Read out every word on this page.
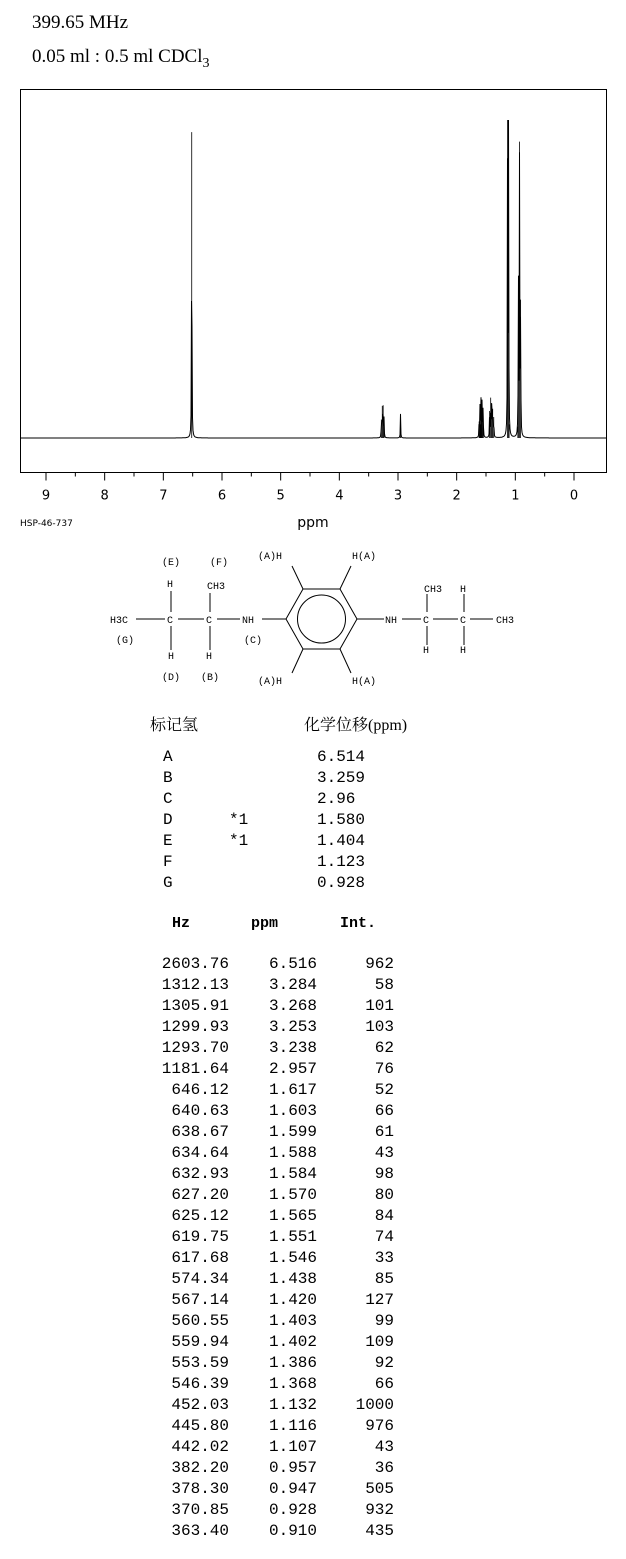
399.65 MHz
0.05 ml : 0.5 ml CDCl$_3$
9	8	7	6	5	4	3	2	1	0
ppm
HSP-46-737
(E)	(F)
(A)H	H(A)
H	CH3
H3C	C	C	NH
(G)	(C)
H	H
(D) (B)	(A)H	H(A)
NH
CH3 H
C	C	CH3
H	H
标记氢	化学位移(ppm)
A		6.514
B		3.259
C		2.96
D	*1	1.580
E	*1	1.404
F		1.123
G		0.928
Hz	ppm	Int.
2603.76	6.516	962
1312.13	3.284	58
1305.91	3.268	101
1299.93	3.253	103
1293.70	3.238	62
1181.64	2.957	76
646.12	1.617	52
640.63	1.603	66
638.67	1.599	61
634.64	1.588	43
632.93	1.584	98
627.20	1.570	80
625.12	1.565	84
619.75	1.551	74
617.68	1.546	33
574.34	1.438	85
567.14	1.420	127
560.55	1.403	99
559.94	1.402	109
553.59	1.386	92
546.39	1.368	66
452.03	1.132	1000
445.80	1.116	976
442.02	1.107	43
382.20	0.957	36
378.30	0.947	505
370.85	0.928	932
363.40	0.910	435
